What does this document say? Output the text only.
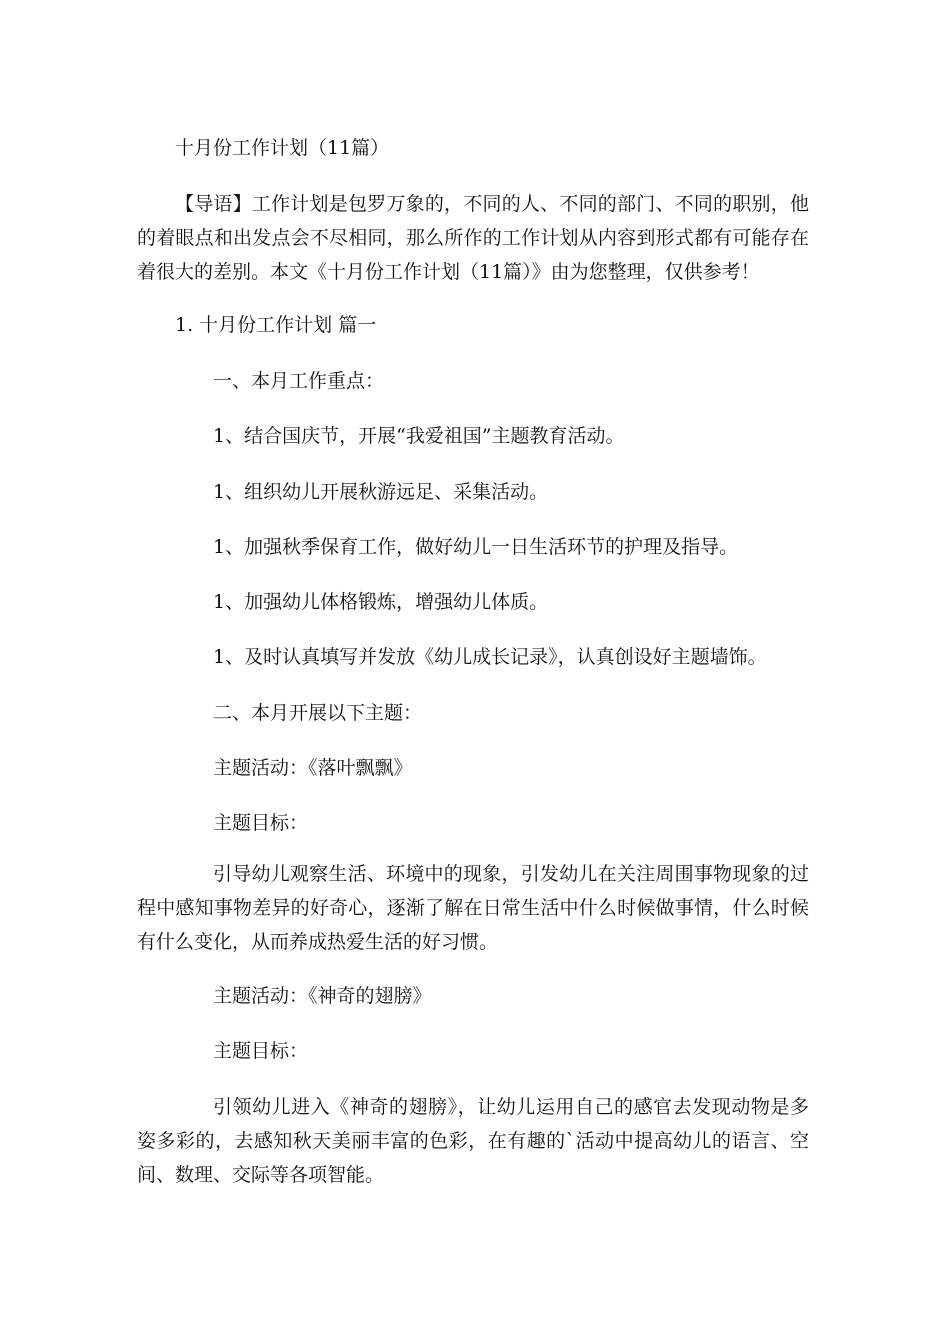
十月份工作计划（11篇）

【导语】工作计划是包罗万象的，不同的人、不同的部门、不同的职别，他的着眼点和出发点会不尽相同，那么所作的工作计划从内容到形式都有可能存在着很大的差别。本文《十月份工作计划（11篇）》由为您整理，仅供参考！

1. 十月份工作计划 篇一

一、本月工作重点：

1、结合国庆节，开展“我爱祖国”主题教育活动。

1、组织幼儿开展秋游远足、采集活动。

1、加强秋季保育工作，做好幼儿一日生活环节的护理及指导。

1、加强幼儿体格锻炼，增强幼儿体质。

1、及时认真填写并发放《幼儿成长记录》，认真创设好主题墙饰。

二、本月开展以下主题：

主题活动：《落叶飘飘》

主题目标：

引导幼儿观察生活、环境中的现象，引发幼儿在关注周围事物现象的过程中感知事物差异的好奇心，逐渐了解在日常生活中什么时候做事情，什么时候有什么变化，从而养成热爱生活的好习惯。

主题活动：《神奇的翅膀》

主题目标：

引领幼儿进入《神奇的翅膀》，让幼儿运用自己的感官去发现动物是多姿多彩的，去感知秋天美丽丰富的色彩，在有趣的`活动中提高幼儿的语言、空间、数理、交际等各项智能。
